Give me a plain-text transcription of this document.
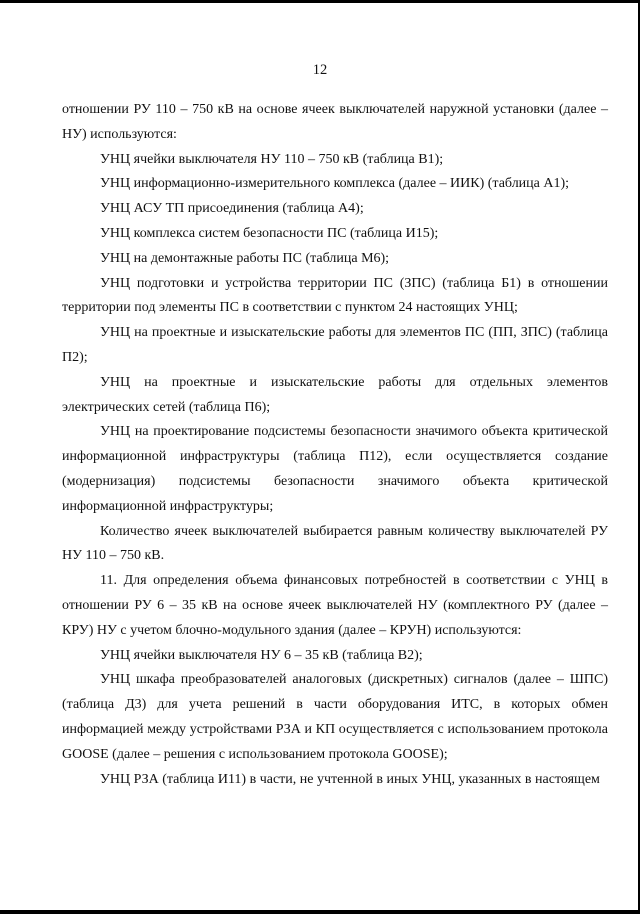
12

отношении РУ 110 – 750 кВ на основе ячеек выключателей наружной установки (далее – НУ) используются:

УНЦ ячейки выключателя НУ 110 – 750 кВ (таблица В1);

УНЦ информационно-измерительного комплекса (далее – ИИК) (таблица А1);

УНЦ АСУ ТП присоединения (таблица А4);

УНЦ комплекса систем безопасности ПС (таблица И15);

УНЦ на демонтажные работы ПС (таблица М6);

УНЦ подготовки и устройства территории ПС (ЗПС) (таблица Б1) в отношении территории под элементы ПС в соответствии с пунктом 24 настоящих УНЦ;

УНЦ на проектные и изыскательские работы для элементов ПС (ПП, ЗПС) (таблица П2);

УНЦ на проектные и изыскательские работы для отдельных элементов электрических сетей (таблица П6);

УНЦ на проектирование подсистемы безопасности значимого объекта критической информационной инфраструктуры (таблица П12), если осуществляется создание (модернизация) подсистемы безопасности значимого объекта критической информационной инфраструктуры;

Количество ячеек выключателей выбирается равным количеству выключателей РУ НУ 110 – 750 кВ.

11. Для определения объема финансовых потребностей в соответствии с УНЦ в отношении РУ 6 – 35 кВ на основе ячеек выключателей НУ (комплектного РУ (далее – КРУ) НУ с учетом блочно-модульного здания (далее – КРУН) используются:

УНЦ ячейки выключателя НУ 6 – 35 кВ (таблица В2);

УНЦ шкафа преобразователей аналоговых (дискретных) сигналов (далее – ШПС) (таблица Д3) для учета решений в части оборудования ИТС, в которых обмен информацией между устройствами РЗА и КП осуществляется с использованием протокола GOOSE (далее – решения с использованием протокола GOOSE);

УНЦ РЗА (таблица И11) в части, не учтенной в иных УНЦ, указанных в настоящем
